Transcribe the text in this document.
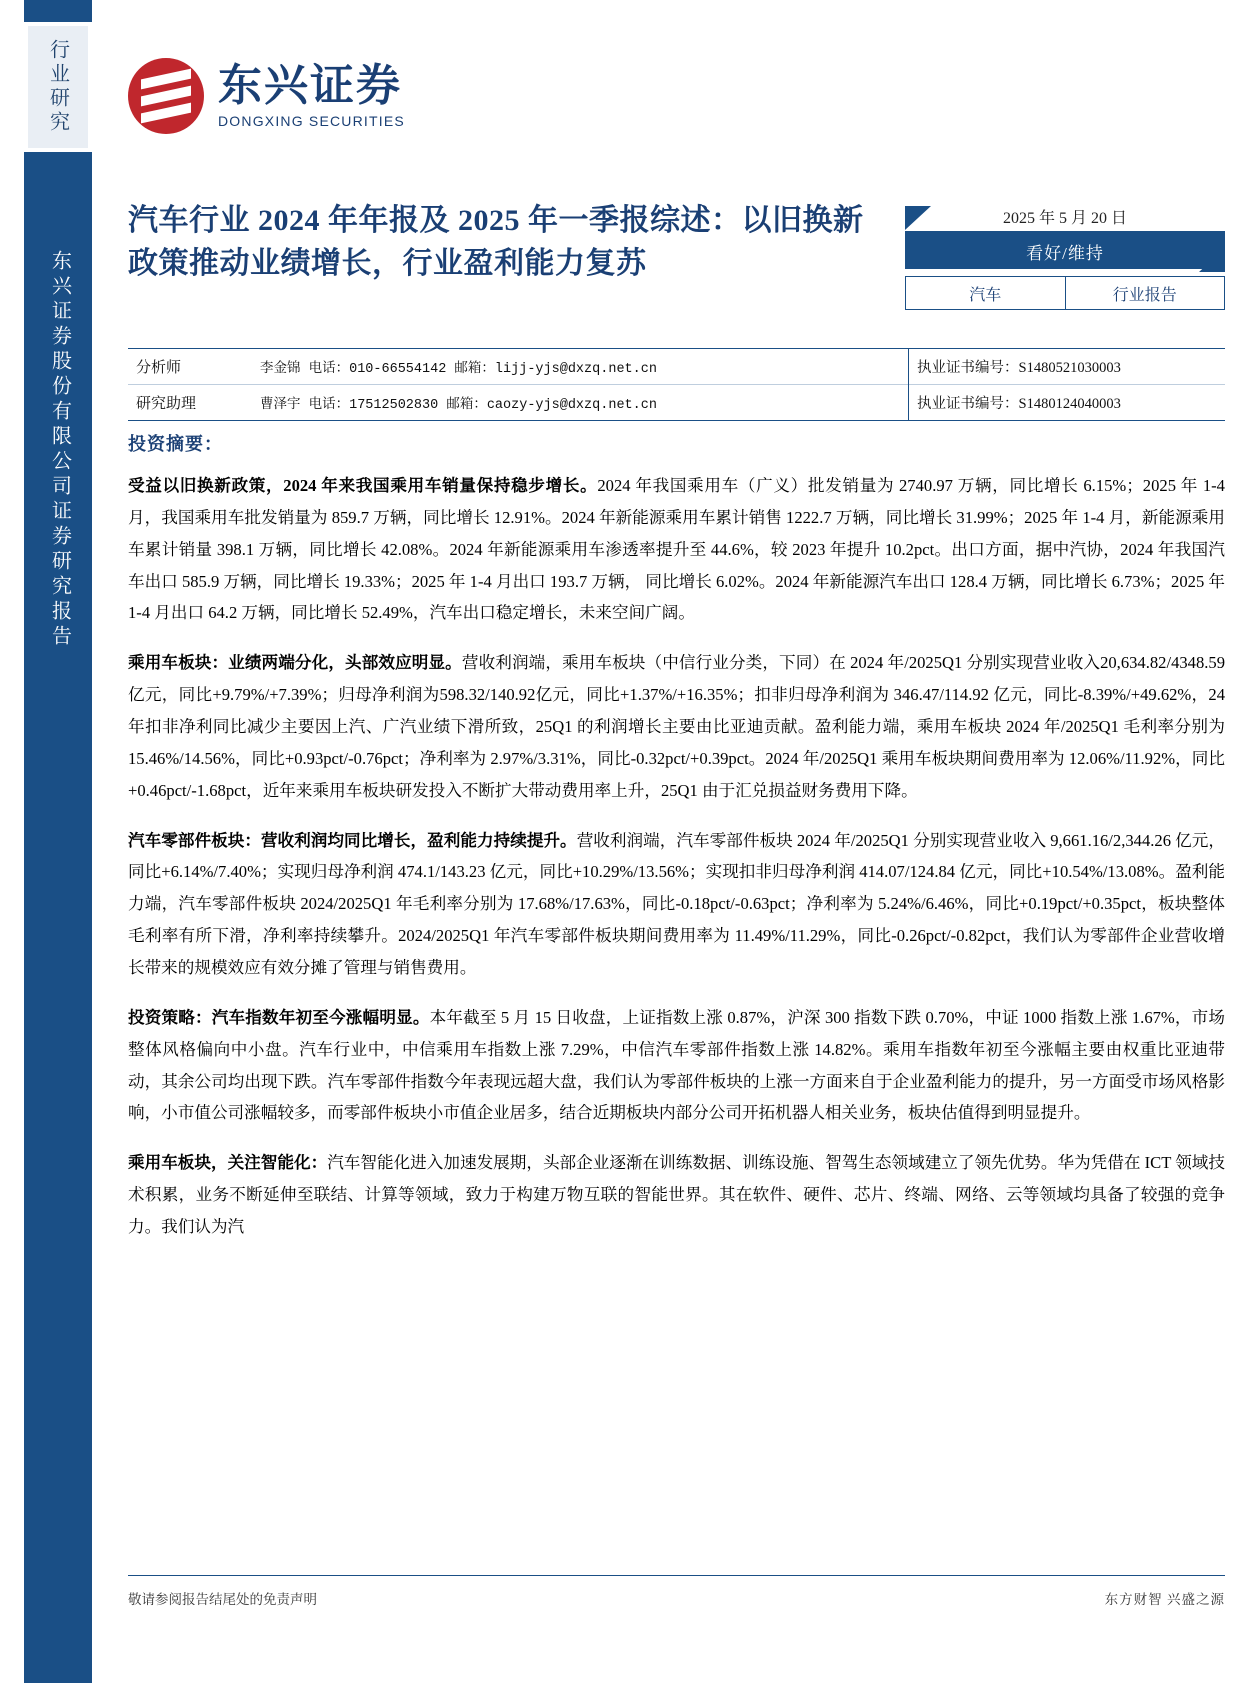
行业研究
东兴证券股份有限公司证券研究报告
东兴证券
DONGXING SECURITIES
汽车行业 2024 年年报及 2025 年一季报综述：以旧换新政策推动业绩增长，行业盈利能力复苏
2025 年 5 月 20 日
看好/维持
汽车	行业报告
分析师	李金锦 电话：010-66554142 邮箱：lijj-yjs@dxzq.net.cn	执业证书编号：S1480521030003
研究助理	曹泽宇 电话：17512502830 邮箱：caozy-yjs@dxzq.net.cn	执业证书编号：S1480124040003
投资摘要：

受益以旧换新政策，2024 年来我国乘用车销量保持稳步增长。2024 年我国乘用车（广义）批发销量为 2740.97 万辆，同比增长 6.15%；2025 年 1-4 月，我国乘用车批发销量为 859.7 万辆，同比增长 12.91%。2024 年新能源乘用车累计销售 1222.7 万辆，同比增长 31.99%；2025 年 1-4 月，新能源乘用车累计销量 398.1 万辆，同比增长 42.08%。2024 年新能源乘用车渗透率提升至 44.6%，较 2023 年提升 10.2pct。出口方面，据中汽协，2024 年我国汽车出口 585.9 万辆，同比增长 19.33%；2025 年 1-4 月出口 193.7 万辆， 同比增长 6.02%。2024 年新能源汽车出口 128.4 万辆，同比增长 6.73%；2025 年 1-4 月出口 64.2 万辆，同比增长 52.49%，汽车出口稳定增长，未来空间广阔。

乘用车板块：业绩两端分化，头部效应明显。营收利润端，乘用车板块（中信行业分类，下同）在 2024 年/2025Q1 分别实现营业收入20,634.82/4348.59 亿元，同比+9.79%/+7.39%；归母净利润为598.32/140.92亿元，同比+1.37%/+16.35%；扣非归母净利润为 346.47/114.92 亿元，同比-8.39%/+49.62%，24 年扣非净利同比减少主要因上汽、广汽业绩下滑所致，25Q1 的利润增长主要由比亚迪贡献。盈利能力端，乘用车板块 2024 年/2025Q1 毛利率分别为 15.46%/14.56%，同比+0.93pct/-0.76pct；净利率为 2.97%/3.31%，同比-0.32pct/+0.39pct。2024 年/2025Q1 乘用车板块期间费用率为 12.06%/11.92%，同比+0.46pct/-1.68pct，近年来乘用车板块研发投入不断扩大带动费用率上升，25Q1 由于汇兑损益财务费用下降。

汽车零部件板块：营收利润均同比增长，盈利能力持续提升。营收利润端，汽车零部件板块 2024 年/2025Q1 分别实现营业收入 9,661.16/2,344.26 亿元，同比+6.14%/7.40%；实现归母净利润 474.1/143.23 亿元，同比+10.29%/13.56%；实现扣非归母净利润 414.07/124.84 亿元，同比+10.54%/13.08%。盈利能力端，汽车零部件板块 2024/2025Q1 年毛利率分别为 17.68%/17.63%，同比-0.18pct/-0.63pct；净利率为 5.24%/6.46%，同比+0.19pct/+0.35pct，板块整体毛利率有所下滑，净利率持续攀升。2024/2025Q1 年汽车零部件板块期间费用率为 11.49%/11.29%，同比-0.26pct/-0.82pct，我们认为零部件企业营收增长带来的规模效应有效分摊了管理与销售费用。

投资策略：汽车指数年初至今涨幅明显。本年截至 5 月 15 日收盘，上证指数上涨 0.87%，沪深 300 指数下跌 0.70%，中证 1000 指数上涨 1.67%，市场整体风格偏向中小盘。汽车行业中，中信乘用车指数上涨 7.29%，中信汽车零部件指数上涨 14.82%。乘用车指数年初至今涨幅主要由权重比亚迪带动，其余公司均出现下跌。汽车零部件指数今年表现远超大盘，我们认为零部件板块的上涨一方面来自于企业盈利能力的提升，另一方面受市场风格影响，小市值公司涨幅较多，而零部件板块小市值企业居多，结合近期板块内部分公司开拓机器人相关业务，板块估值得到明显提升。

乘用车板块，关注智能化：汽车智能化进入加速发展期，头部企业逐渐在训练数据、训练设施、智驾生态领域建立了领先优势。华为凭借在 ICT 领域技术积累，业务不断延伸至联结、计算等领域，致力于构建万物互联的智能世界。其在软件、硬件、芯片、终端、网络、云等领域均具备了较强的竞争力。我们认为汽

敬请参阅报告结尾处的免责声明	东方财智 兴盛之源
